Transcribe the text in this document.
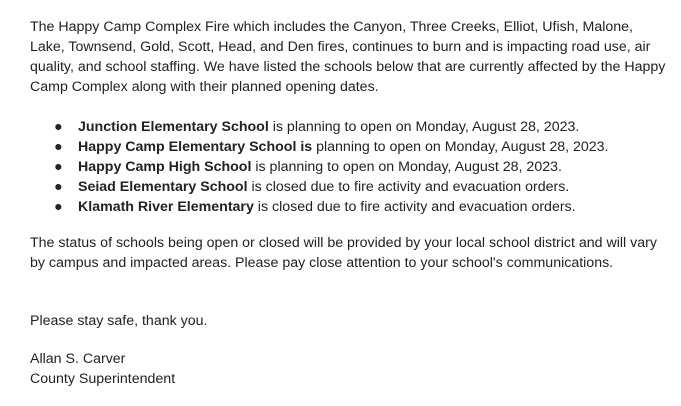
The Happy Camp Complex Fire which includes the Canyon, Three Creeks, Elliot, Ufish, Malone, Lake, Townsend, Gold, Scott, Head, and Den fires, continues to burn and is impacting road use, air quality, and school staffing. We have listed the schools below that are currently affected by the Happy Camp Complex along with their planned opening dates.

● Junction Elementary School is planning to open on Monday, August 28, 2023.
● Happy Camp Elementary School is planning to open on Monday, August 28, 2023.
● Happy Camp High School is planning to open on Monday, August 28, 2023.
● Seiad Elementary School is closed due to fire activity and evacuation orders.
● Klamath River Elementary is closed due to fire activity and evacuation orders.

The status of schools being open or closed will be provided by your local school district and will vary by campus and impacted areas. Please pay close attention to your school's communications.

Please stay safe, thank you.

Allan S. Carver

County Superintendent
